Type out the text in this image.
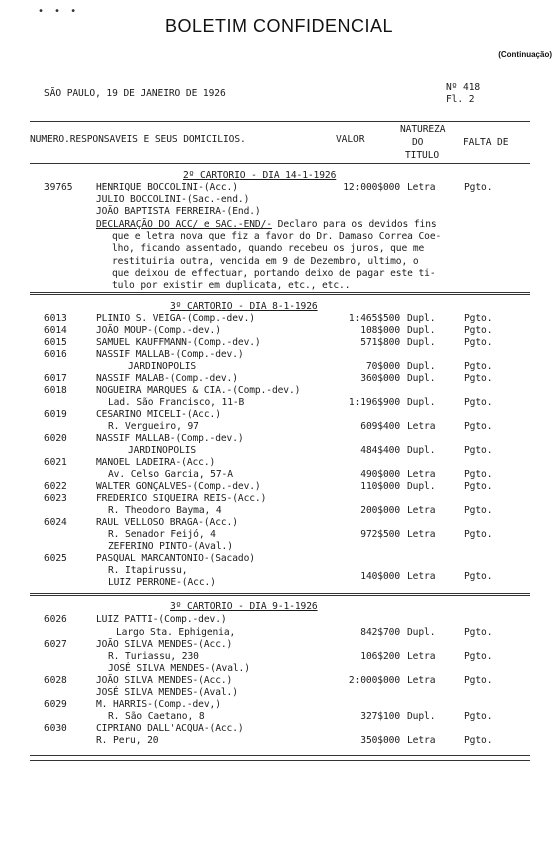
• • •
BOLETIM CONFIDENCIAL
(Continuação)
SÃO PAULO, 19 DE JANEIRO DE 1926
Nº 418
Fl. 2
NUMERO.RESPONSAVEIS E SEUS DOMICILIOS.	VALOR
NATUREZA
DO
TITULO
FALTA DE
2º CARTORIO - DIA 14-1-1926
39765 HENRIQUE BOCCOLINI-(Acc.)	12:000$000 Letra	Pgto.
JULIO BOCCOLINI-(Sac.-end.)
JOÃO BAPTISTA FERREIRA-(End.)
DECLARAÇÃO DO ACC/ e SAC.-END/- Declaro para os devidos fins
que e letra nova que fiz a favor do Dr. Damaso Correa Coe-
lho, ficando assentado, quando recebeu os juros, que me
restituiria outra, vencida em 9 de Dezembro, ultimo, o
que deixou de effectuar, portando deixo de pagar este ti-
tulo por existir em duplicata, etc., etc..
3º CARTORIO - DIA 8-1-1926
6013	PLINIO S. VEIGA-(Comp.-dev.)	1:465$500 Dupl.	Pgto.
6014	JOÃO MOUP-(Comp.-dev.)	108$000 Dupl.	Pgto.
6015	SAMUEL KAUFFMANN-(Comp.-dev.)	571$800 Dupl.	Pgto.
6016	NASSIF MALLAB-(Comp.-dev.)
JARDINOPOLIS	70$000 Dupl.	Pgto.
6017	NASSIF MALAB-(Comp.-dev.)	360$000 Dupl.	Pgto.
6018	NOGUEIRA MARQUES & CIA.-(Comp.-dev.)
Lad. São Francisco, 11-B	1:196$900 Dupl.	Pgto.
6019	CESARINO MICELI-(Acc.)
R. Vergueiro, 97	609$400 Letra	Pgto.
6020	NASSIF MALLAB-(Comp.-dev.)
JARDINOPOLIS	484$400 Dupl.	Pgto.
6021	MANOEL LADEIRA-(Acc.)
Av. Celso Garcia, 57-A	490$000 Letra	Pgto.
6022	WALTER GONÇALVES-(Comp.-dev.)	110$000 Dupl.	Pgto.
6023	FREDERICO SIQUEIRA REIS-(Acc.)
R. Theodoro Bayma, 4	200$000 Letra	Pgto.
6024	RAUL VELLOSO BRAGA-(Acc.)
R. Senador Feijó, 4	972$500 Letra	Pgto.
ZEFERINO PINTO-(Aval.)
6025	PASQUAL MARCANTONIO-(Sacado)
R. Itapirussu,
140$000 Letra	Pgto.
LUIZ PERRONE-(Acc.)
3º CARTORIO - DIA 9-1-1926
6026	LUIZ PATTI-(Comp.-dev.)
Largo Sta. Ephigenia,	842$700 Dupl.	Pgto.
6027	JOÃO SILVA MENDES-(Acc.)
R. Turiassu, 230	106$200 Letra	Pgto.
JOSÉ SILVA MENDES-(Aval.)
6028	JOÃO SILVA MENDES-(Acc.)	2:000$000 Letra	Pgto.
JOSÉ SILVA MENDES-(Aval.)
6029	M. HARRIS-(Comp.-dev,)
R. São Caetano, 8	327$100 Dupl.	Pgto.
6030	CIPRIANO DALL'ACQUA-(Acc.)
R. Peru, 20	350$000 Letra	Pgto.
